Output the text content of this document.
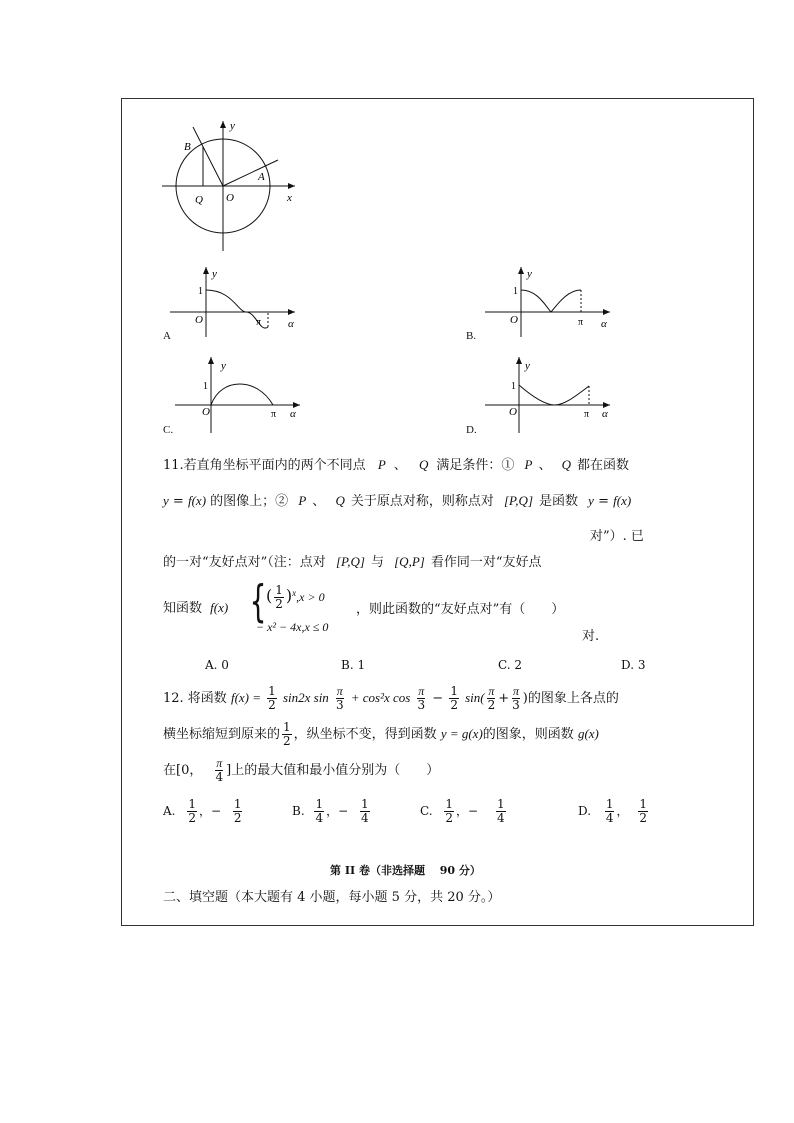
y
x
B
A
Q O
y
1
O	π α
A
y
1
O	π α
B.
y
1
O	π α
C.
y
1
O	π α
D.
11.若直角坐标平面内的两个不同点 P 、 Q 满足条件：① P 、 Q 都在函数
y = f(x) 的图像上；② P 、 Q 关于原点对称，则称点对 [P,Q] 是函数 y = f(x)
对”）. 已
的一对“友好点对”（注：点对 [P,Q] 与 [Q,P] 看作同一对“友好点
知函数 f(x) { ( $\frac{1}{2} )^x,x > 0$
− x² − 4x,x ≤ 0
，则此函数的“友好点对”有（　　）
对.
A. 0	B. 1	C. 2	D. 3
12. 将函数 $f(x) = \frac{1}{2} \sin 2x$ $\sin \frac{\pi}{3} + \cos^2x$ $\cos \frac{\pi}{3} - \frac{1}{2} \sin( \frac{\pi}{2} + \frac{\pi}{3}$ )的图象上各点的
横坐标缩短到原来的 $\frac{1}{2}$ ，纵坐标不变，得到函数 y = g(x)的图象，则函数 g(x)
在[0， $\frac{\pi}{4}$ ]上的最大值和最小值分别为（　　）
A. $\frac{1}{2}$ ，− $\frac{1}{2}$	B. $\frac{1}{4}$ ，− $\frac{1}{4}$	C. $\frac{1}{2}$ ，− $\frac{1}{4}$	D. $\frac{1}{4}$ ， $\frac{1}{2}$
第 II 卷（非选择题　 90 分）
二、填空题（本大题有 4 小题，每小题 5 分，共 20 分。）
